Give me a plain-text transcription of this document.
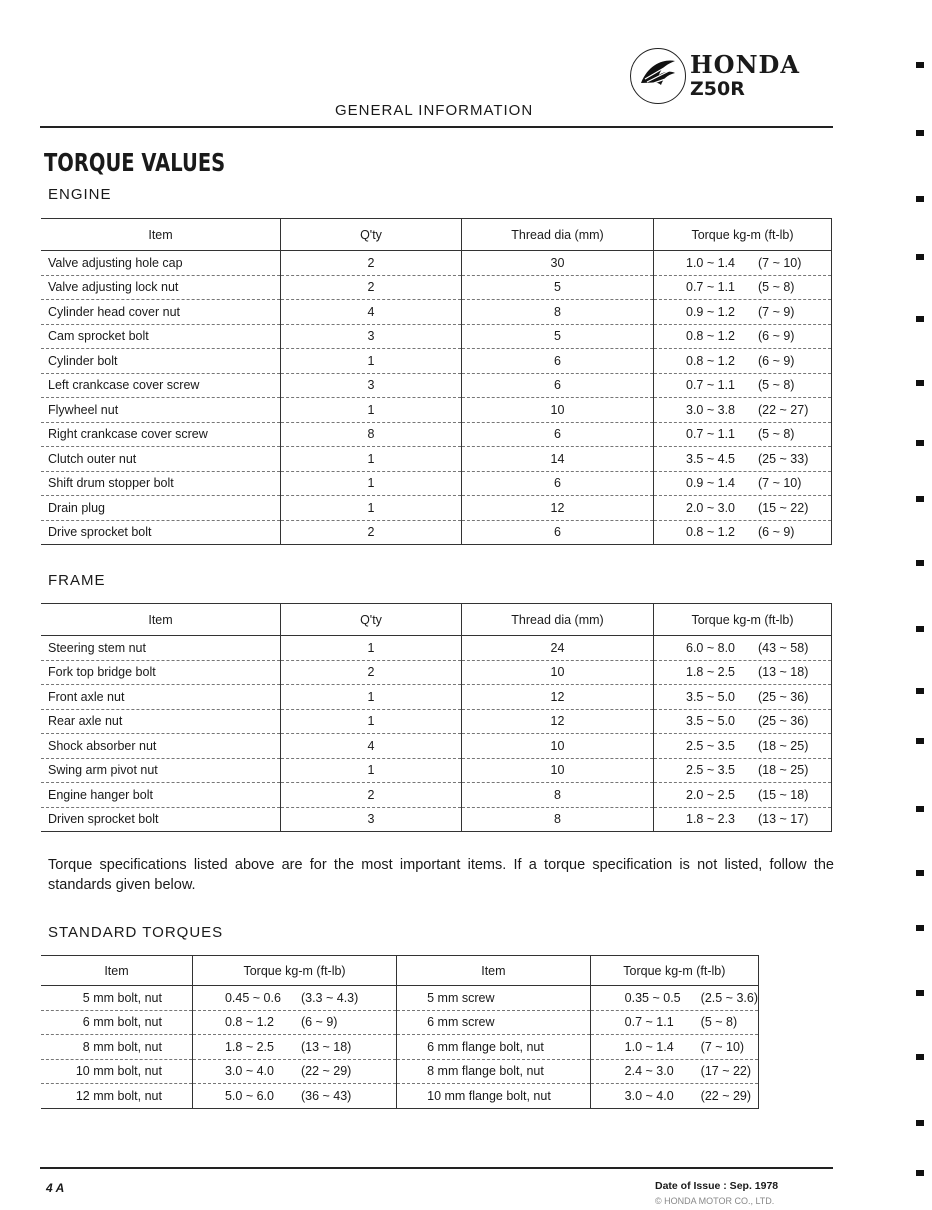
HONDA
Z50R
GENERAL INFORMATION
TORQUE VALUES
ENGINE
Item	Q'ty	Thread dia (mm)	Torque kg-m (ft-lb)
Valve adjusting hole cap	2	30	1.0 ~ 1.4 (7 ~ 10)
Valve adjusting lock nut	2	5	0.7 ~ 1.1 (5 ~ 8)
Cylinder head cover nut	4	8	0.9 ~ 1.2 (7 ~ 9)
Cam sprocket bolt	3	5	0.8 ~ 1.2 (6 ~ 9)
Cylinder bolt	1	6	0.8 ~ 1.2 (6 ~ 9)
Left crankcase cover screw	3	6	0.7 ~ 1.1 (5 ~ 8)
Flywheel nut	1	10	3.0 ~ 3.8 (22 ~ 27)
Right crankcase cover screw	8	6	0.7 ~ 1.1 (5 ~ 8)
Clutch outer nut	1	14	3.5 ~ 4.5 (25 ~ 33)
Shift drum stopper bolt	1	6	0.9 ~ 1.4 (7 ~ 10)
Drain plug	1	12	2.0 ~ 3.0 (15 ~ 22)
Drive sprocket bolt	2	6	0.8 ~ 1.2 (6 ~ 9)
FRAME
Item	Q'ty	Thread dia (mm)	Torque kg-m (ft-lb)
Steering stem nut	1	24	6.0 ~ 8.0 (43 ~ 58)
Fork top bridge bolt	2	10	1.8 ~ 2.5 (13 ~ 18)
Front axle nut	1	12	3.5 ~ 5.0 (25 ~ 36)
Rear axle nut	1	12	3.5 ~ 5.0 (25 ~ 36)
Shock absorber nut	4	10	2.5 ~ 3.5 (18 ~ 25)
Swing arm pivot nut	1	10	2.5 ~ 3.5 (18 ~ 25)
Engine hanger bolt	2	8	2.0 ~ 2.5 (15 ~ 18)
Driven sprocket bolt	3	8	1.8 ~ 2.3 (13 ~ 17)
Torque specifications listed above are for the most important items. If a torque specification is not listed, follow the standards given below.
STANDARD TORQUES
Item	Torque kg-m (ft-lb)	Item	Torque kg-m (ft-lb)
5 mm bolt, nut	0.45 ~ 0.6 (3.3 ~ 4.3)	5 mm screw	0.35 ~ 0.5 (2.5 ~ 3.6)
6 mm bolt, nut	0.8 ~ 1.2 (6 ~ 9)	6 mm screw	0.7 ~ 1.1 (5 ~ 8)
8 mm bolt, nut	1.8 ~ 2.5 (13 ~ 18)	6 mm flange bolt, nut	1.0 ~ 1.4 (7 ~ 10)
10 mm bolt, nut	3.0 ~ 4.0 (22 ~ 29)	8 mm flange bolt, nut	2.4 ~ 3.0 (17 ~ 22)
12 mm bolt, nut	5.0 ~ 6.0 (36 ~ 43)	10 mm flange bolt, nut	3.0 ~ 4.0 (22 ~ 29)
4 A	Date of Issue : Sep. 1978
© HONDA MOTOR CO., LTD.
